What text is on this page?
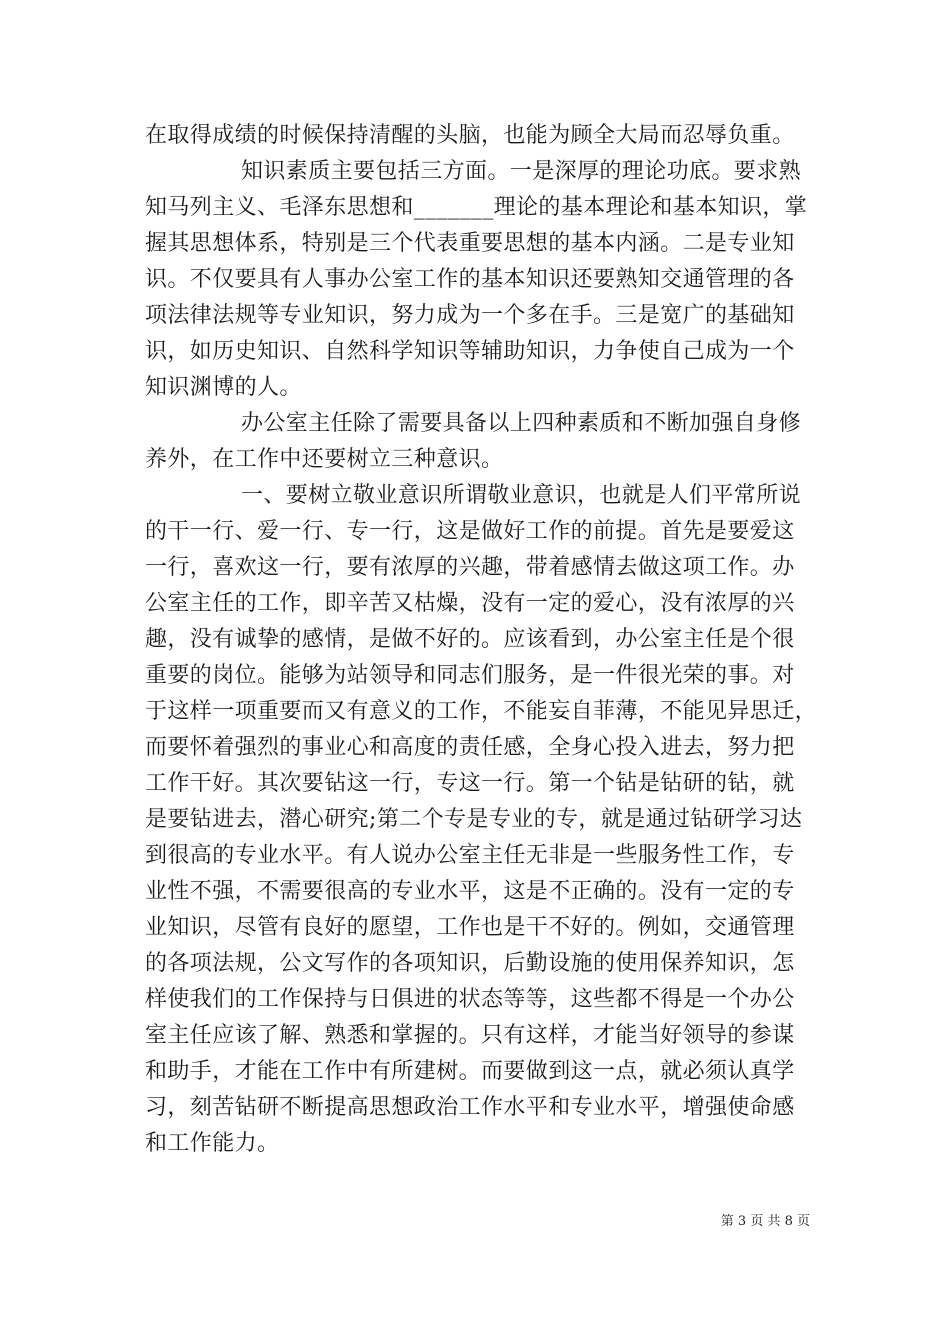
在取得成绩的时候保持清醒的头脑，也能为顾全大局而忍辱负重。
知识素质主要包括三方面。一是深厚的理论功底。要求熟
知马列主义、毛泽东思想和_______理论的基本理论和基本知识，掌
握其思想体系，特别是三个代表重要思想的基本内涵。二是专业知
识。不仅要具有人事办公室工作的基本知识还要熟知交通管理的各
项法律法规等专业知识，努力成为一个多在手。三是宽广的基础知
识，如历史知识、自然科学知识等辅助知识，力争使自己成为一个
知识渊博的人。
办公室主任除了需要具备以上四种素质和不断加强自身修
养外，在工作中还要树立三种意识。
一、要树立敬业意识所谓敬业意识，也就是人们平常所说
的干一行、爱一行、专一行，这是做好工作的前提。首先是要爱这
一行，喜欢这一行，要有浓厚的兴趣，带着感情去做这项工作。办
公室主任的工作，即辛苦又枯燥，没有一定的爱心，没有浓厚的兴
趣，没有诚挚的感情，是做不好的。应该看到，办公室主任是个很
重要的岗位。能够为站领导和同志们服务，是一件很光荣的事。对
于这样一项重要而又有意义的工作，不能妄自菲薄，不能见异思迁，
而要怀着强烈的事业心和高度的责任感，全身心投入进去，努力把
工作干好。其次要钻这一行，专这一行。第一个钻是钻研的钻，就
是要钻进去，潜心研究;第二个专是专业的专，就是通过钻研学习达
到很高的专业水平。有人说办公室主任无非是一些服务性工作，专
业性不强，不需要很高的专业水平，这是不正确的。没有一定的专
业知识，尽管有良好的愿望，工作也是干不好的。例如，交通管理
的各项法规，公文写作的各项知识，后勤设施的使用保养知识，怎
样使我们的工作保持与日俱进的状态等等，这些都不得是一个办公
室主任应该了解、熟悉和掌握的。只有这样，才能当好领导的参谋
和助手，才能在工作中有所建树。而要做到这一点，就必须认真学
习，刻苦钻研不断提高思想政治工作水平和专业水平，增强使命感
和工作能力。
第 3 页 共 8 页
